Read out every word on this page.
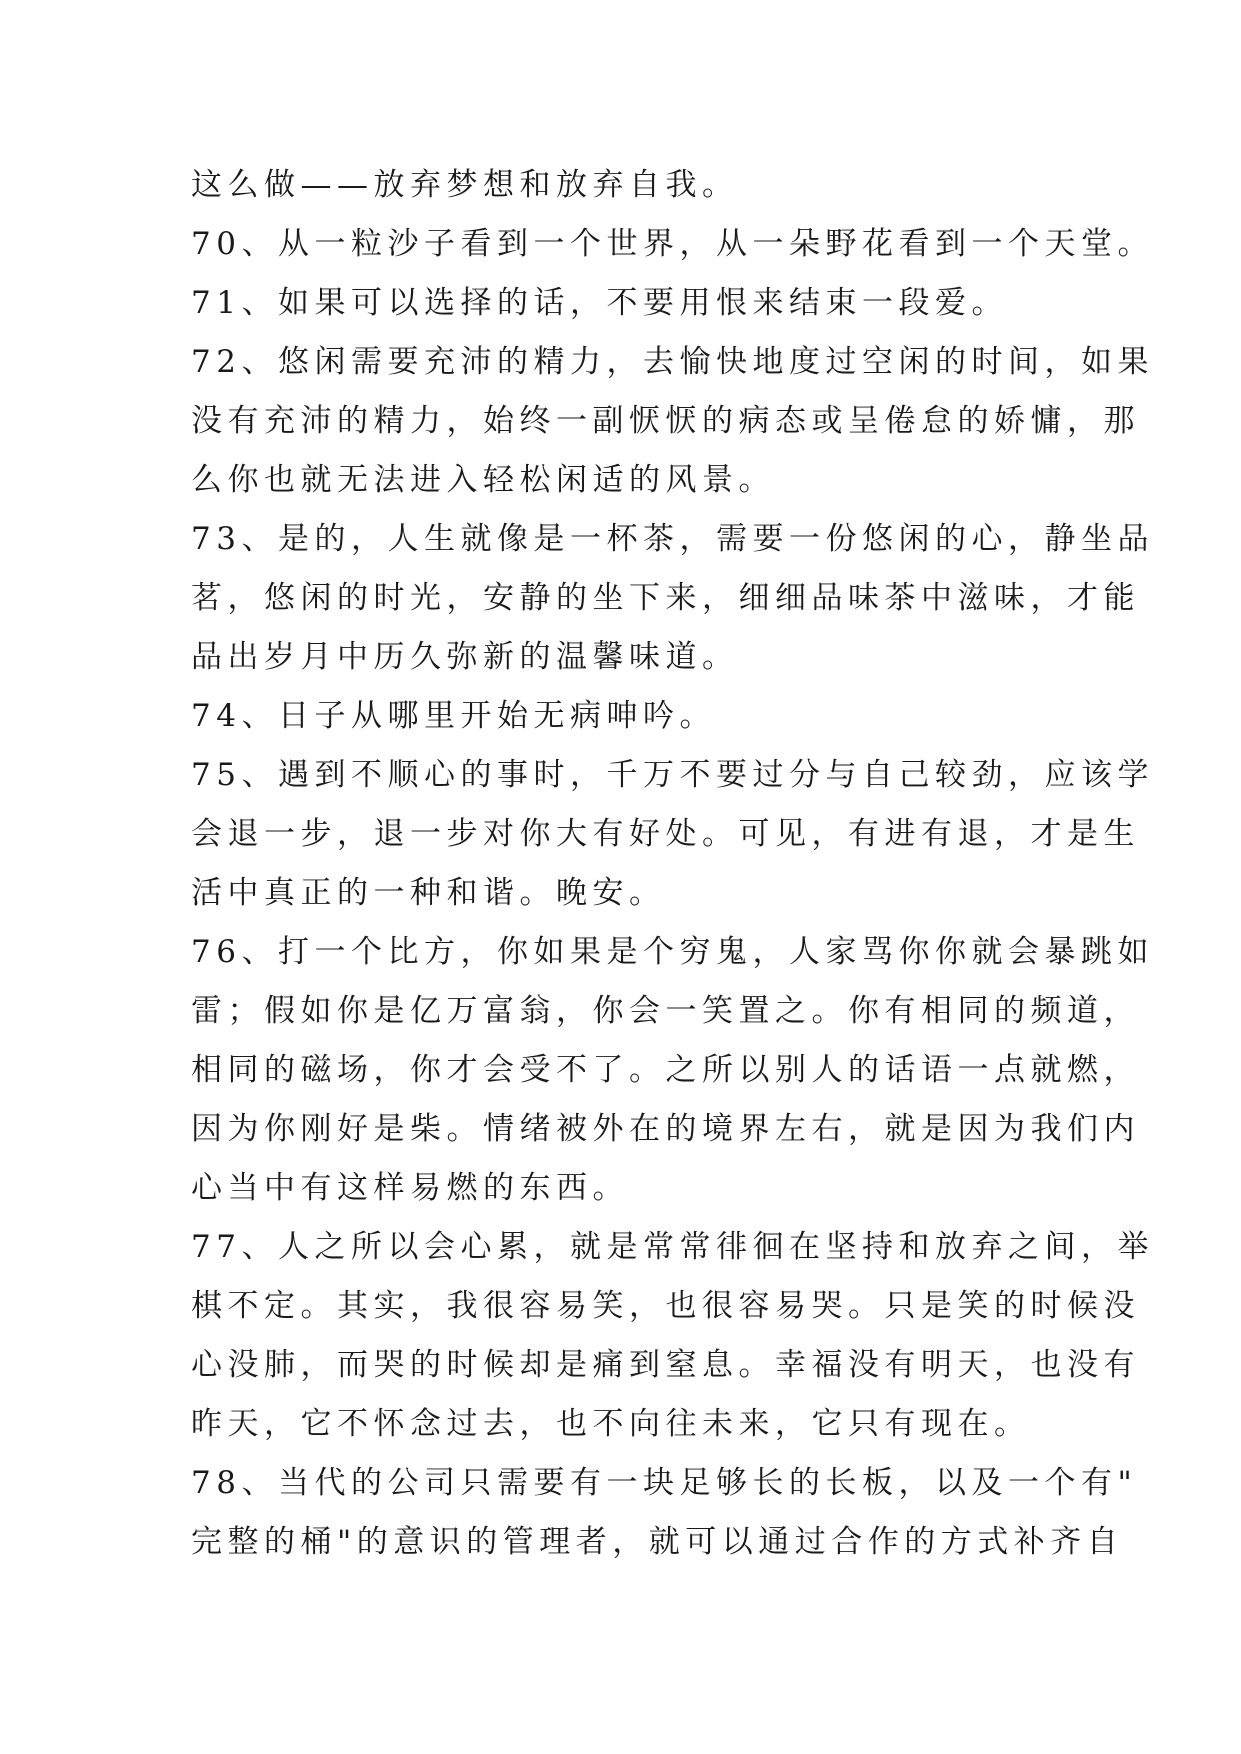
这么做——放弃梦想和放弃自我。
70、从一粒沙子看到一个世界，从一朵野花看到一个天堂。
71、如果可以选择的话，不要用恨来结束一段爱。
72、悠闲需要充沛的精力，去愉快地度过空闲的时间，如果
没有充沛的精力，始终一副恹恹的病态或呈倦怠的娇慵，那
么你也就无法进入轻松闲适的风景。
73、是的，人生就像是一杯茶，需要一份悠闲的心，静坐品
茗，悠闲的时光，安静的坐下来，细细品味茶中滋味，才能
品出岁月中历久弥新的温馨味道。
74、日子从哪里开始无病呻吟。
75、遇到不顺心的事时，千万不要过分与自己较劲，应该学
会退一步，退一步对你大有好处。可见，有进有退，才是生
活中真正的一种和谐。晚安。
76、打一个比方，你如果是个穷鬼，人家骂你你就会暴跳如
雷；假如你是亿万富翁，你会一笑置之。你有相同的频道，
相同的磁场，你才会受不了。之所以别人的话语一点就燃，
因为你刚好是柴。情绪被外在的境界左右，就是因为我们内
心当中有这样易燃的东西。
77、人之所以会心累，就是常常徘徊在坚持和放弃之间，举
棋不定。其实，我很容易笑，也很容易哭。只是笑的时候没
心没肺，而哭的时候却是痛到窒息。幸福没有明天，也没有
昨天，它不怀念过去，也不向往未来，它只有现在。
78、当代的公司只需要有一块足够长的长板，以及一个有"
完整的桶"的意识的管理者，就可以通过合作的方式补齐自
